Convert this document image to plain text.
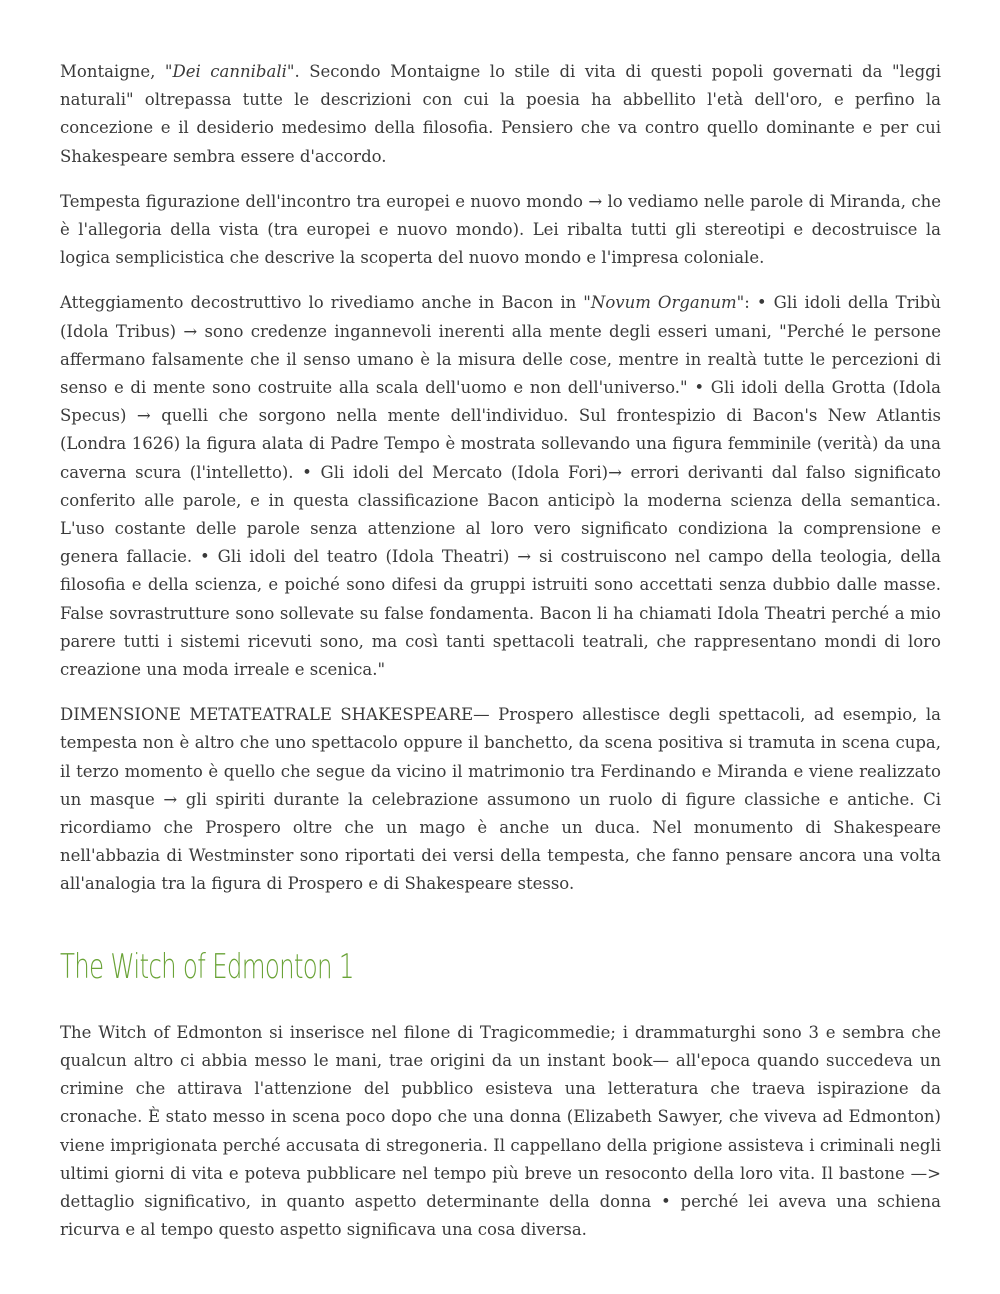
Montaigne, "Dei cannibali". Secondo Montaigne lo stile di vita di questi popoli governati da "leggi naturali" oltrepassa tutte le descrizioni con cui la poesia ha abbellito l'età dell'oro, e perfino la concezione e il desiderio medesimo della filosofia. Pensiero che va contro quello dominante e per cui Shakespeare sembra essere d'accordo.

Tempesta figurazione dell'incontro tra europei e nuovo mondo → lo vediamo nelle parole di Miranda, che è l'allegoria della vista (tra europei e nuovo mondo). Lei ribalta tutti gli stereotipi e decostruisce la logica semplicistica che descrive la scoperta del nuovo mondo e l'impresa coloniale.

Atteggiamento decostruttivo lo rivediamo anche in Bacon in "Novum Organum": • Gli idoli della Tribù (Idola Tribus) → sono credenze ingannevoli inerenti alla mente degli esseri umani, "Perché le persone affermano falsamente che il senso umano è la misura delle cose, mentre in realtà tutte le percezioni di senso e di mente sono costruite alla scala dell'uomo e non dell'universo." • Gli idoli della Grotta (Idola Specus) → quelli che sorgono nella mente dell'individuo. Sul frontespizio di Bacon's New Atlantis (Londra 1626) la figura alata di Padre Tempo è mostrata sollevando una figura femminile (verità) da una caverna scura (l'intelletto). • Gli idoli del Mercato (Idola Fori)→ errori derivanti dal falso significato conferito alle parole, e in questa classificazione Bacon anticipò la moderna scienza della semantica. L'uso costante delle parole senza attenzione al loro vero significato condiziona la comprensione e genera fallacie. • Gli idoli del teatro (Idola Theatri) → si costruiscono nel campo della teologia, della filosofia e della scienza, e poiché sono difesi da gruppi istruiti sono accettati senza dubbio dalle masse. False sovrastrutture sono sollevate su false fondamenta. Bacon li ha chiamati Idola Theatri perché a mio parere tutti i sistemi ricevuti sono, ma così tanti spettacoli teatrali, che rappresentano mondi di loro creazione una moda irreale e scenica."

DIMENSIONE METATEATRALE SHAKESPEARE— Prospero allestisce degli spettacoli, ad esempio, la tempesta non è altro che uno spettacolo oppure il banchetto, da scena positiva si tramuta in scena cupa, il terzo momento è quello che segue da vicino il matrimonio tra Ferdinando e Miranda e viene realizzato un masque → gli spiriti durante la celebrazione assumono un ruolo di figure classiche e antiche. Ci ricordiamo che Prospero oltre che un mago è anche un duca. Nel monumento di Shakespeare nell'abbazia di Westminster sono riportati dei versi della tempesta, che fanno pensare ancora una volta all'analogia tra la figura di Prospero e di Shakespeare stesso.

The Witch of Edmonton 1

The Witch of Edmonton si inserisce nel filone di Tragicommedie; i drammaturghi sono 3 e sembra che qualcun altro ci abbia messo le mani, trae origini da un instant book— all'epoca quando succedeva un crimine che attirava l'attenzione del pubblico esisteva una letteratura che traeva ispirazione da cronache. È stato messo in scena poco dopo che una donna (Elizabeth Sawyer, che viveva ad Edmonton) viene imprigionata perché accusata di stregoneria. Il cappellano della prigione assisteva i criminali negli ultimi giorni di vita e poteva pubblicare nel tempo più breve un resoconto della loro vita. Il bastone —> dettaglio significativo, in quanto aspetto determinante della donna • perché lei aveva una schiena ricurva e al tempo questo aspetto significava una cosa diversa.
